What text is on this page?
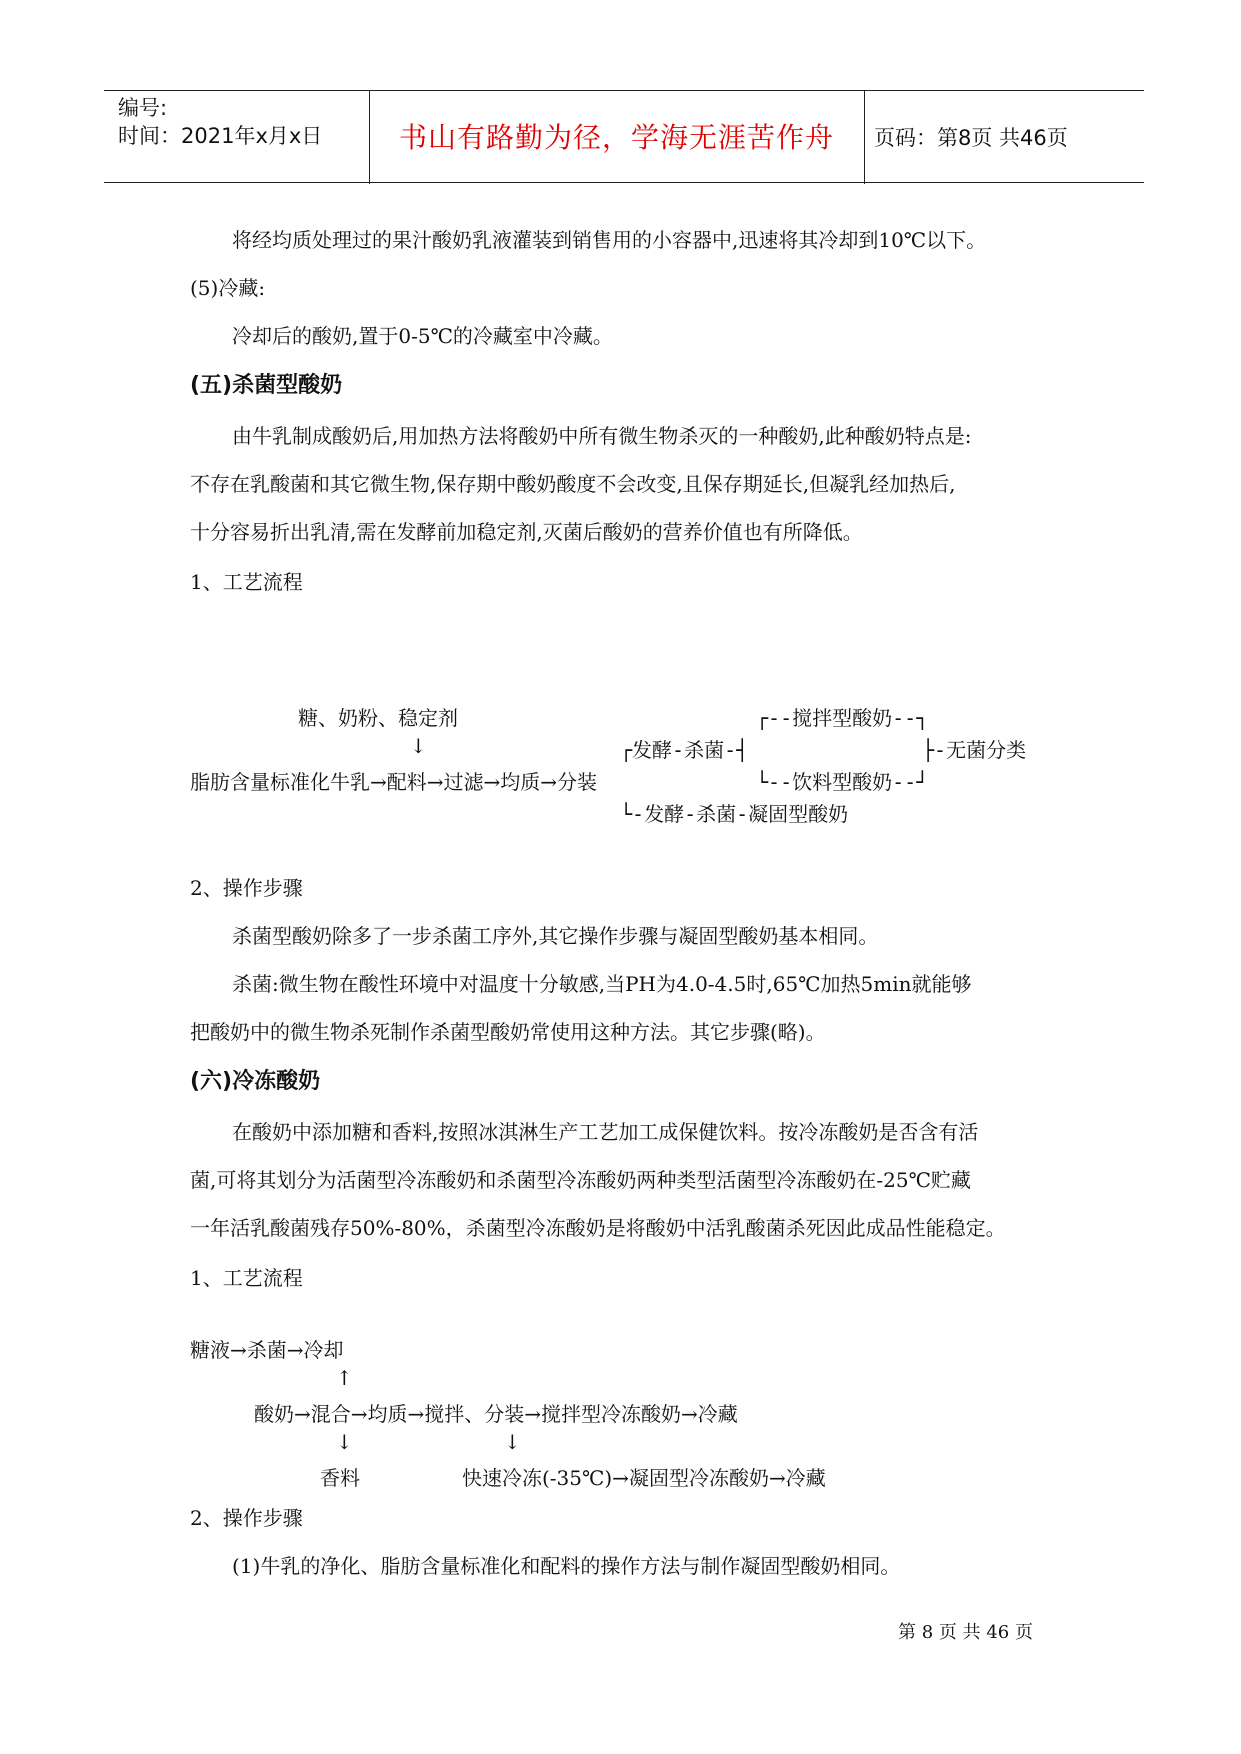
编号:
时间：2021年x月x日	书山有路勤为径，学海无涯苦作舟	页码：第8页 共46页
将经均质处理过的果汁酸奶乳液灌装到销售用的小容器中,迅速将其冷却到10℃以下。
(5)冷藏:
冷却后的酸奶,置于0-5℃的冷藏室中冷藏。
(五)杀菌型酸奶
由牛乳制成酸奶后,用加热方法将酸奶中所有微生物杀灭的一种酸奶,此种酸奶特点是:
不存在乳酸菌和其它微生物,保存期中酸奶酸度不会改变,且保存期延长,但凝乳经加热后,
十分容易折出乳清,需在发酵前加稳定剂,灭菌后酸奶的营养价值也有所降低。
1、工艺流程
糖、奶粉、稳定剂
↓
脂肪含量标准化牛乳→配料→过滤→均质→分装
┌发酵-杀菌-┤
└-发酵-杀菌-凝固型酸奶
┌--搅拌型酸奶--┐
└--饮料型酸奶--┘
├-无菌分类
2、操作步骤
杀菌型酸奶除多了一步杀菌工序外,其它操作步骤与凝固型酸奶基本相同。
杀菌:微生物在酸性环境中对温度十分敏感,当PH为4.0-4.5时,65℃加热5min就能够
把酸奶中的微生物杀死制作杀菌型酸奶常使用这种方法。其它步骤(略)。
(六)冷冻酸奶
在酸奶中添加糖和香料,按照冰淇淋生产工艺加工成保健饮料。按冷冻酸奶是否含有活
菌,可将其划分为活菌型冷冻酸奶和杀菌型冷冻酸奶两种类型活菌型冷冻酸奶在-25℃贮藏
一年活乳酸菌残存50%-80%，杀菌型冷冻酸奶是将酸奶中活乳酸菌杀死因此成品性能稳定。
1、工艺流程
糖液→杀菌→冷却
↑
酸奶→混合→均质→搅拌、分装→搅拌型冷冻酸奶→冷藏
↓	↓
香料	快速冷冻(-35℃)→凝固型冷冻酸奶→冷藏
2、操作步骤
(1)牛乳的净化、脂肪含量标准化和配料的操作方法与制作凝固型酸奶相同。
第 8 页 共 46 页
